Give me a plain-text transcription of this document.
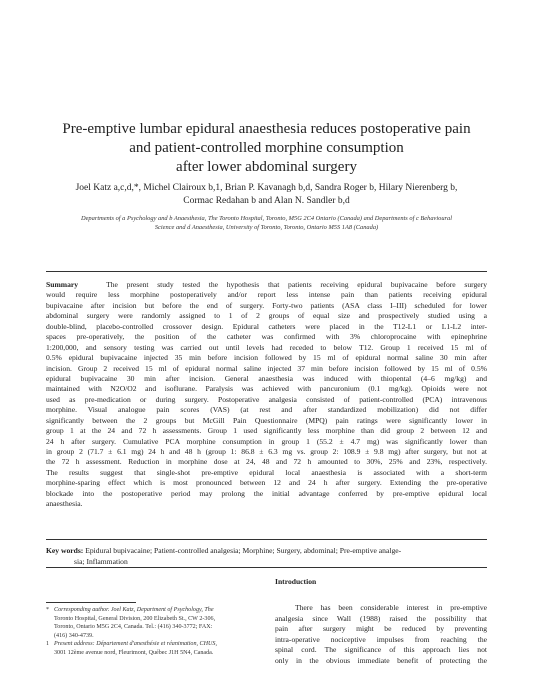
Pre-emptive lumbar epidural anaesthesia reduces postoperative pain
and patient-controlled morphine consumption
after lower abdominal surgery
Joel Katz a,c,d,*, Michel Clairoux b,1, Brian P. Kavanagh b,d, Sandra Roger b, Hilary Nierenberg b,
Cormac Redahan b and Alan N. Sandler b,d
Departments of a Psychology and b Anaesthesia, The Toronto Hospital, Toronto, M5G 2C4 Ontario (Canada) and Departments of c Behavioural
Science and d Anaesthesia, University of Toronto, Toronto, Ontario M5S 1A8 (Canada)
Summary	The present study tested the hypothesis that patients receiving epidural bupivacaine before surgery
would require less morphine postoperatively and/or report less intense pain than patients receiving epidural
bupivacaine after incision but before the end of surgery. Forty-two patients (ASA class I–III) scheduled for lower
abdominal surgery were randomly assigned to 1 of 2 groups of equal size and prospectively studied using a
double-blind, placebo-controlled crossover design. Epidural catheters were placed in the T12-L1 or L1-L2 inter-
spaces pre-operatively, the position of the catheter was confirmed with 3% chloroprocaine with epinephrine
1:200,000, and sensory testing was carried out until levels had receded to below T12. Group 1 received 15 ml of
0.5% epidural bupivacaine injected 35 min before incision followed by 15 ml of epidural normal saline 30 min after
incision. Group 2 received 15 ml of epidural normal saline injected 37 min before incision followed by 15 ml of 0.5%
epidural bupivacaine 30 min after incision. General anaesthesia was induced with thiopental (4–6 mg/kg) and
maintained with N2O/O2 and isoflurane. Paralysis was achieved with pancuronium (0.1 mg/kg). Opioids were not
used as pre-medication or during surgery. Postoperative analgesia consisted of patient-controlled (PCA) intravenous
morphine. Visual analogue pain scores (VAS) (at rest and after standardized mobilization) did not differ
significantly between the 2 groups but McGill Pain Questionnaire (MPQ) pain ratings were significantly lower in
group 1 at the 24 and 72 h assessments. Group 1 used significantly less morphine than did group 2 between 12 and
24 h after surgery. Cumulative PCA morphine consumption in group 1 (55.2 ± 4.7 mg) was significantly lower than
in group 2 (71.7 ± 6.1 mg) 24 h and 48 h (group 1: 86.8 ± 6.3 mg vs. group 2: 108.9 ± 9.8 mg) after surgery, but not at
the 72 h assessment. Reduction in morphine dose at 24, 48 and 72 h amounted to 30%, 25% and 23%, respectively.
The results suggest that single-shot pre-emptive epidural local anaesthesia is associated with a short-term
morphine-sparing effect which is most pronounced between 12 and 24 h after surgery. Extending the pre-operative
blockade into the postoperative period may prolong the initial advantage conferred by pre-emptive epidural local
anaesthesia.
Key words: Epidural bupivacaine; Patient-controlled analgesia; Morphine; Surgery, abdominal; Pre-emptive analge-
sia; Inflammation
Introduction
There has been considerable interest in pre-emptive
analgesia since Wall (1988) raised the possibility that
pain after surgery might be reduced by preventing
intra-operative nociceptive impulses from reaching the
spinal cord. The significance of this approach lies not
only in the obvious immediate benefit of protecting the
* Corresponding author. Joel Katz, Department of Psychology, The
Toronto Hospital, General Division, 200 Elizabeth St., CW 2-306,
Toronto, Ontario M5G 2C4, Canada. Tel.: (416) 340-3772; FAX:
(416) 340-4739.
1 Present address: Département d'anesthésie et réanimation, CHUS,
3001 12ème avenue nord, Fleurimont, Québec J1H 5N4, Canada.
